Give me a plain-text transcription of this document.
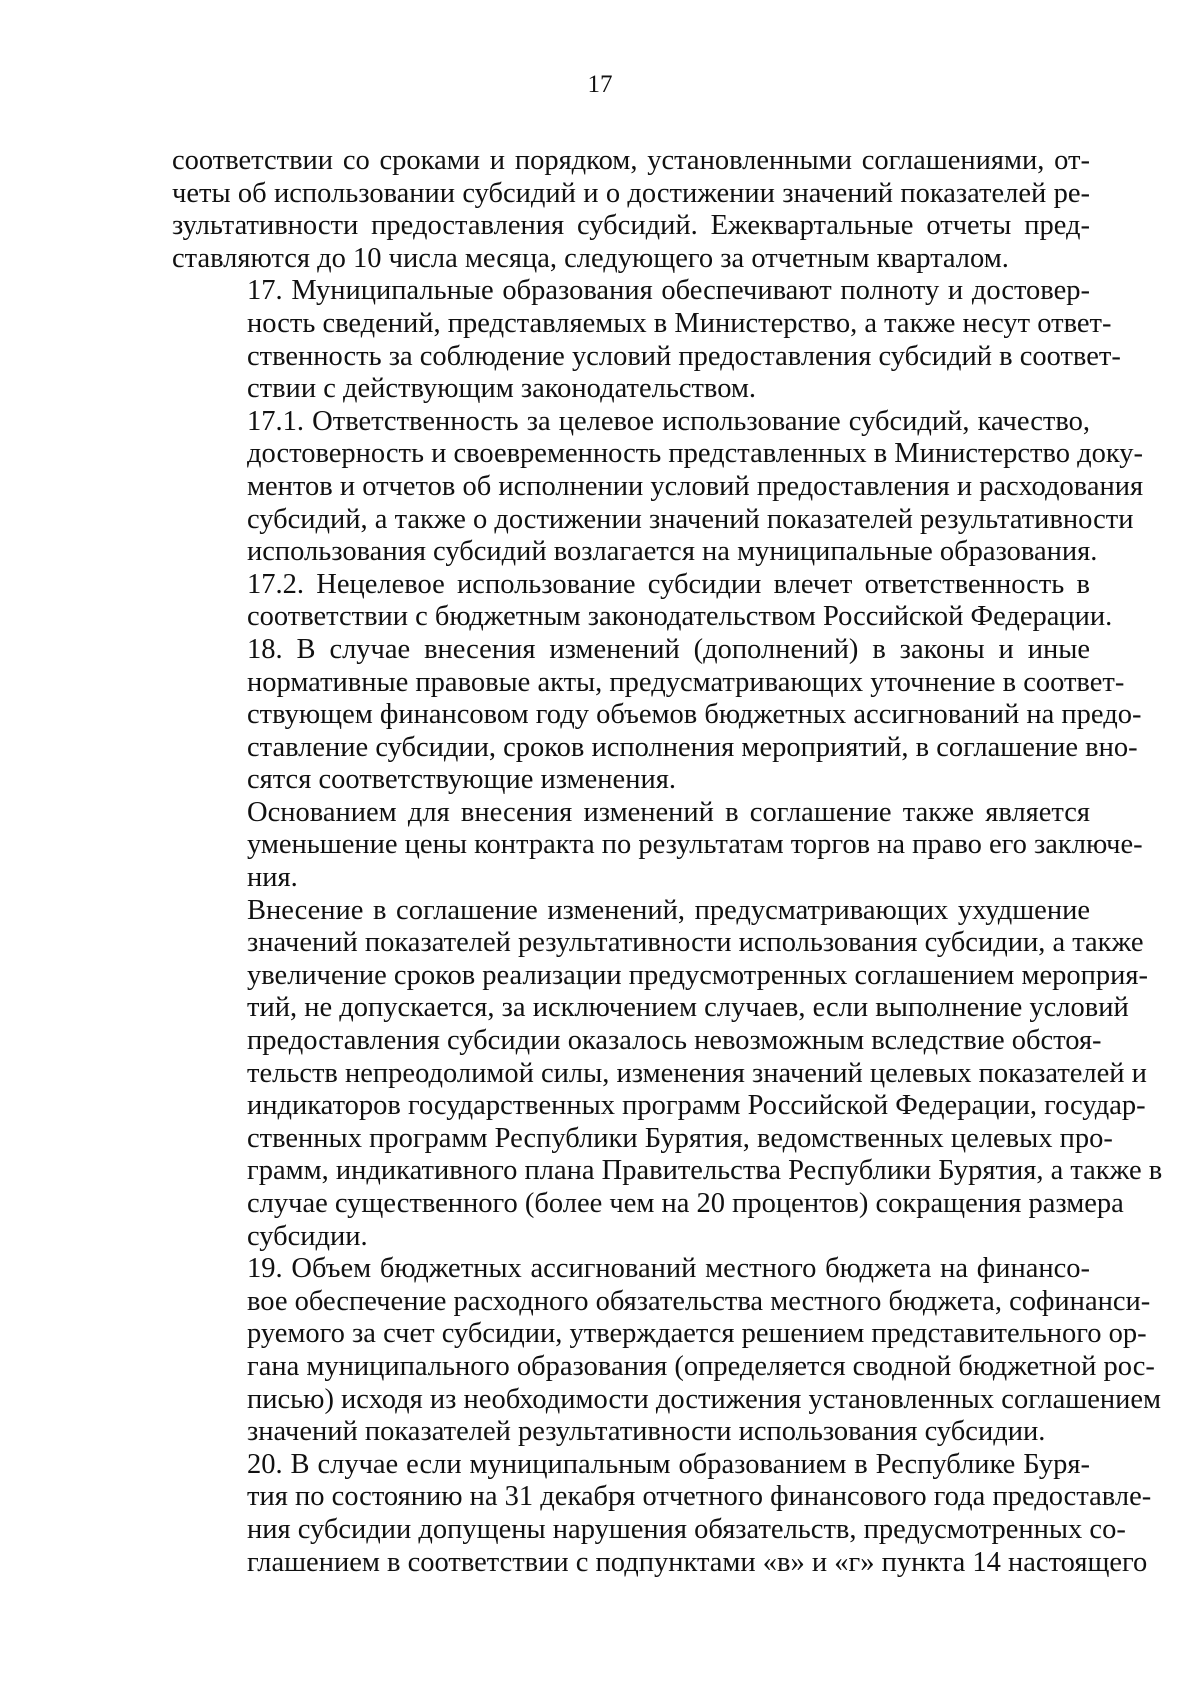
17

соответствии со сроками и порядком, установленными соглашениями, от-
четы об использовании субсидий и о достижении значений показателей ре-
зультативности предоставления субсидий. Ежеквартальные отчеты пред-
ставляются до 10 числа месяца, следующего за отчетным кварталом.

17. Муниципальные образования обеспечивают полноту и достовер-
ность сведений, представляемых в Министерство, а также несут ответ-
ственность за соблюдение условий предоставления субсидий в соответ-
ствии с действующим законодательством.

17.1. Ответственность за целевое использование субсидий, качество,
достоверность и своевременность представленных в Министерство доку-
ментов и отчетов об исполнении условий предоставления и расходования
субсидий, а также о достижении значений показателей результативности
использования субсидий возлагается на муниципальные образования.

17.2. Нецелевое использование субсидии влечет ответственность в
соответствии с бюджетным законодательством Российской Федерации.

18. В случае внесения изменений (дополнений) в законы и иные
нормативные правовые акты, предусматривающих уточнение в соответ-
ствующем финансовом году объемов бюджетных ассигнований на предо-
ставление субсидии, сроков исполнения мероприятий, в соглашение вно-
сятся соответствующие изменения.

Основанием для внесения изменений в соглашение также является
уменьшение цены контракта по результатам торгов на право его заключе-
ния.

Внесение в соглашение изменений, предусматривающих ухудшение
значений показателей результативности использования субсидии, а также
увеличение сроков реализации предусмотренных соглашением мероприя-
тий, не допускается, за исключением случаев, если выполнение условий
предоставления субсидии оказалось невозможным вследствие обстоя-
тельств непреодолимой силы, изменения значений целевых показателей и
индикаторов государственных программ Российской Федерации, государ-
ственных программ Республики Бурятия, ведомственных целевых про-
грамм, индикативного плана Правительства Республики Бурятия, а также в
случае существенного (более чем на 20 процентов) сокращения размера
субсидии.

19. Объем бюджетных ассигнований местного бюджета на финансо-
вое обеспечение расходного обязательства местного бюджета, софинанси-
руемого за счет субсидии, утверждается решением представительного ор-
гана муниципального образования (определяется сводной бюджетной рос-
писью) исходя из необходимости достижения установленных соглашением
значений показателей результативности использования субсидии.

20. В случае если муниципальным образованием в Республике Буря-
тия по состоянию на 31 декабря отчетного финансового года предоставле-
ния субсидии допущены нарушения обязательств, предусмотренных со-
глашением в соответствии с подпунктами «в» и «г» пункта 14 настоящего
